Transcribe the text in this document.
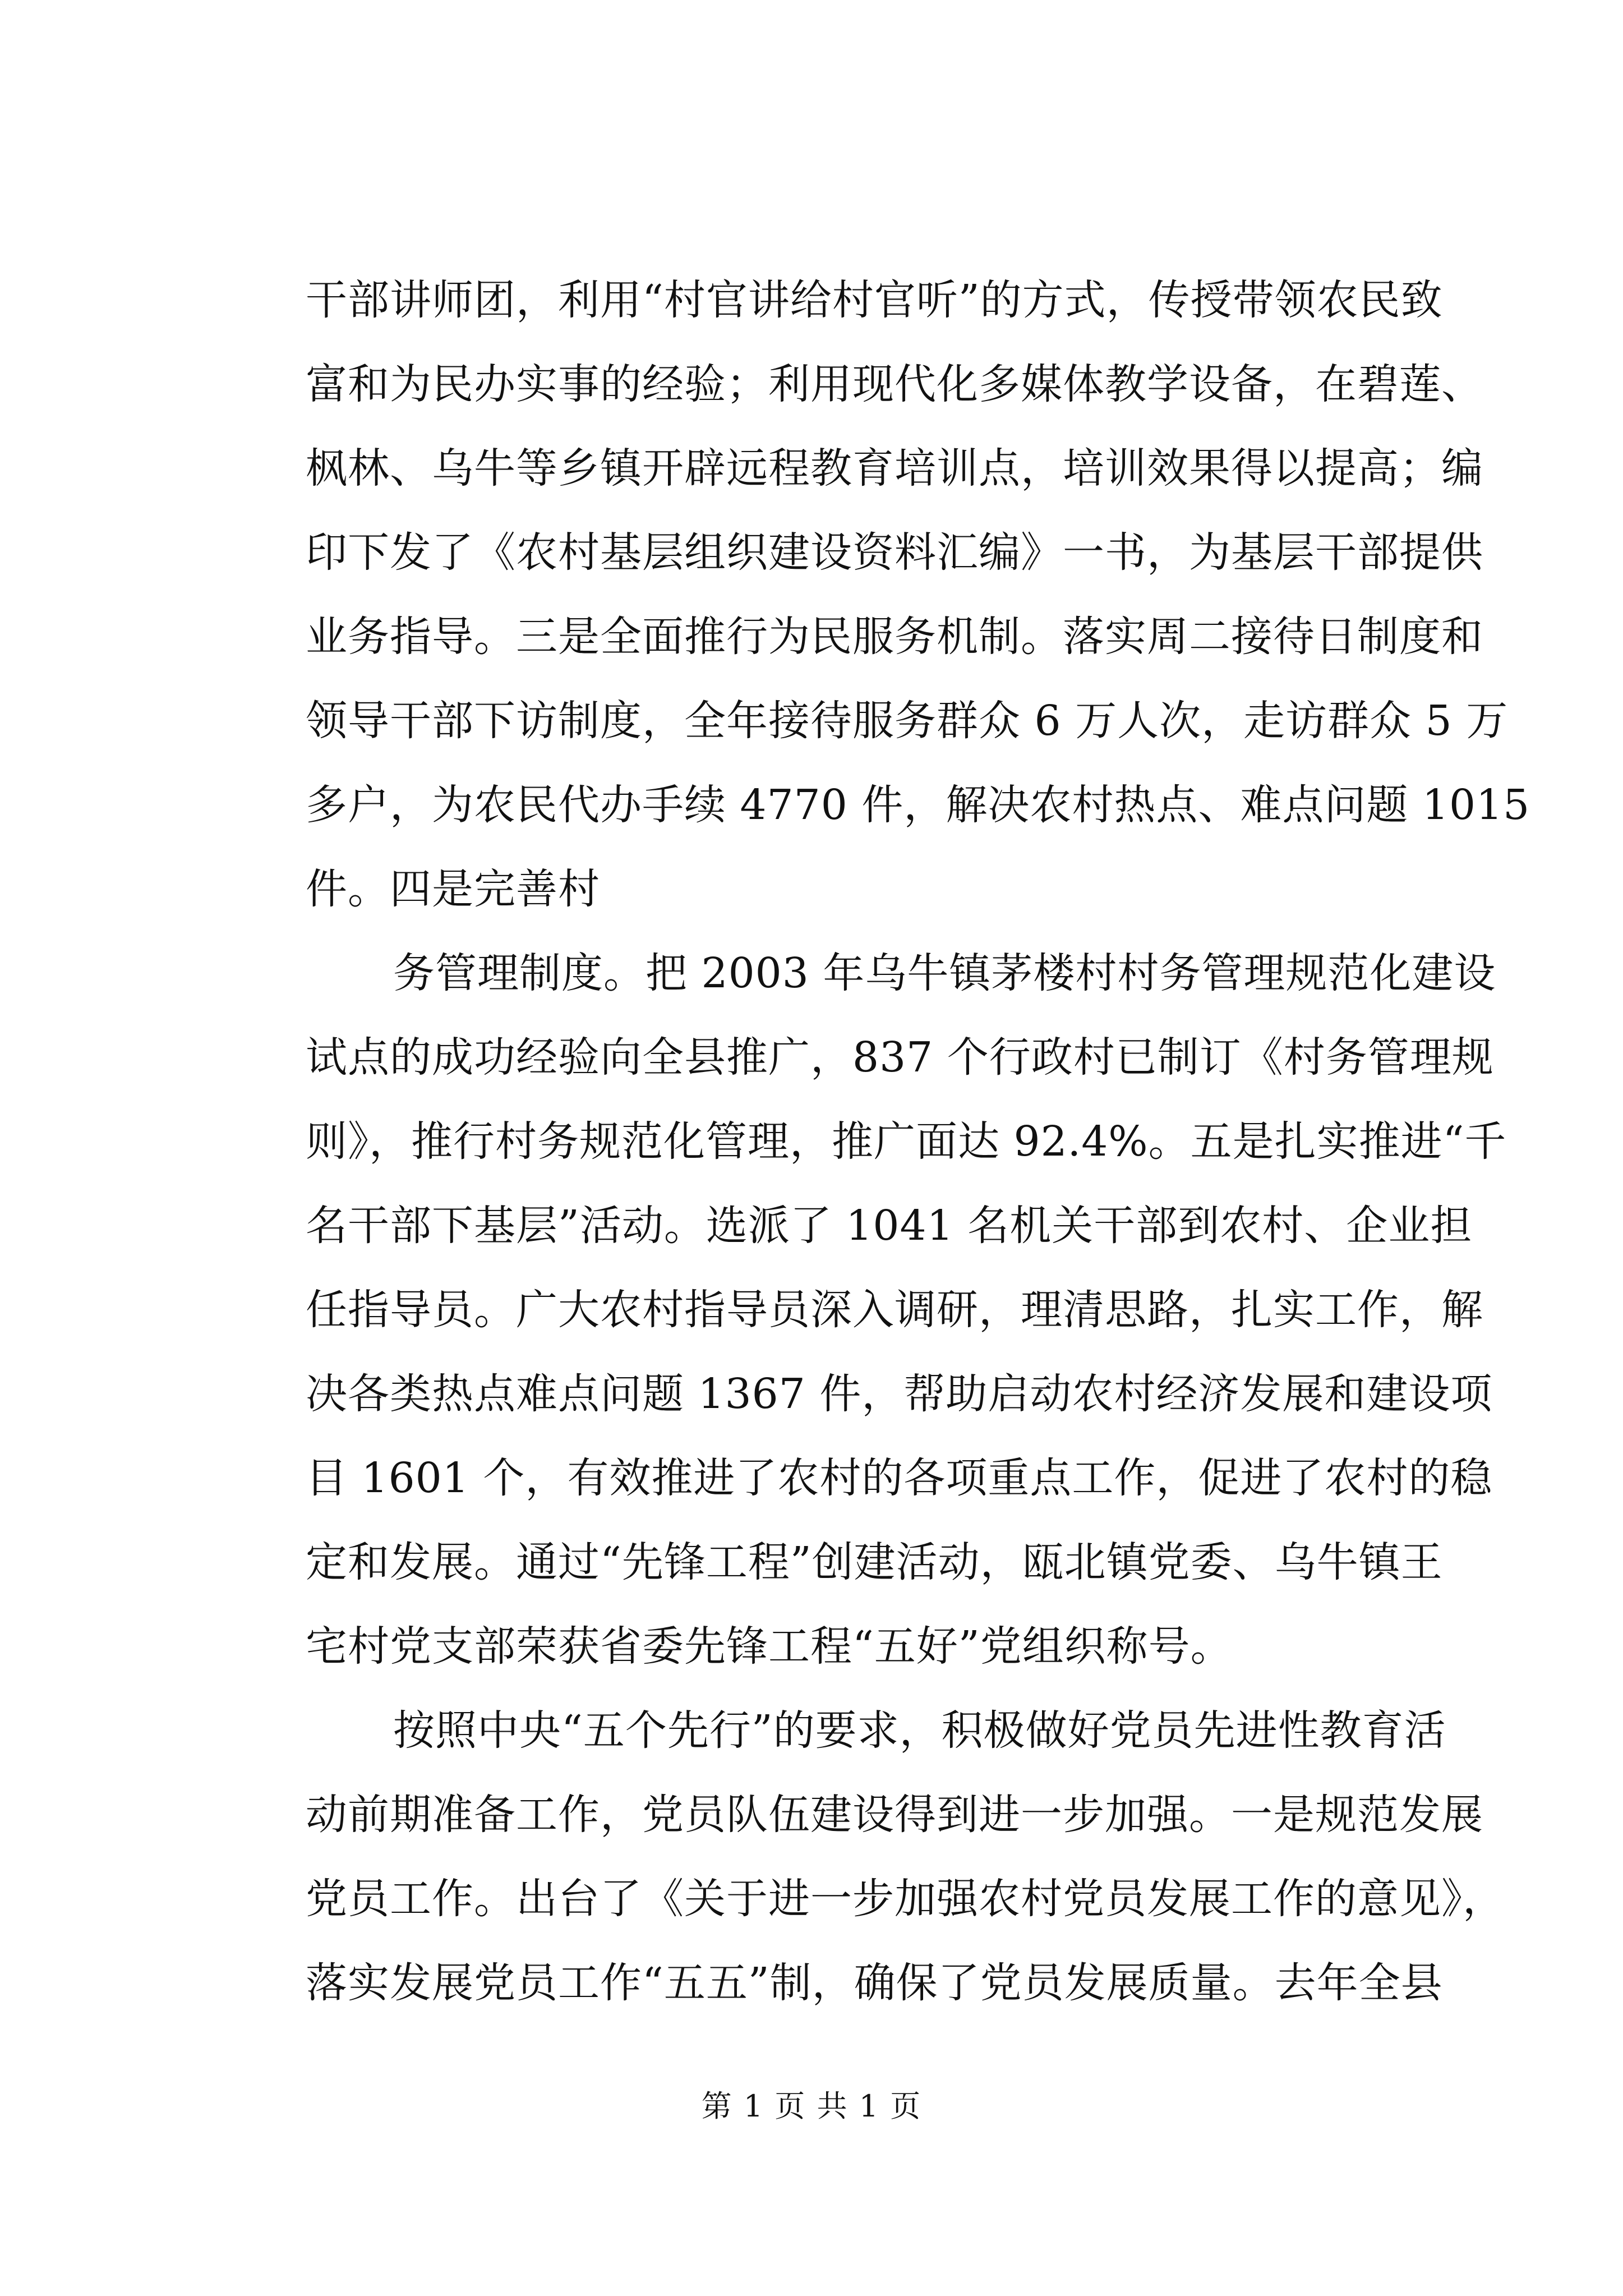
干部讲师团，利用“村官讲给村官听”的方式，传授带领农民致
富和为民办实事的经验；利用现代化多媒体教学设备，在碧莲、
枫林、乌牛等乡镇开辟远程教育培训点，培训效果得以提高；编
印下发了《农村基层组织建设资料汇编》一书，为基层干部提供
业务指导。三是全面推行为民服务机制。落实周二接待日制度和
领导干部下访制度，全年接待服务群众 6 万人次，走访群众 5 万
多户，为农民代办手续 4770 件，解决农村热点、难点问题 1015
件。四是完善村
务管理制度。把 2003 年乌牛镇茅楼村村务管理规范化建设
试点的成功经验向全县推广，837 个行政村已制订《村务管理规
则》，推行村务规范化管理，推广面达 92.4%。五是扎实推进“千
名干部下基层”活动。选派了 1041 名机关干部到农村、企业担
任指导员。广大农村指导员深入调研，理清思路，扎实工作，解
决各类热点难点问题 1367 件，帮助启动农村经济发展和建设项
目 1601 个，有效推进了农村的各项重点工作，促进了农村的稳
定和发展。通过“先锋工程”创建活动，瓯北镇党委、乌牛镇王
宅村党支部荣获省委先锋工程“五好”党组织称号。
按照中央“五个先行”的要求，积极做好党员先进性教育活
动前期准备工作，党员队伍建设得到进一步加强。一是规范发展
党员工作。出台了《关于进一步加强农村党员发展工作的意见》，
落实发展党员工作“五五”制，确保了党员发展质量。去年全县
第 1 页 共 1 页
